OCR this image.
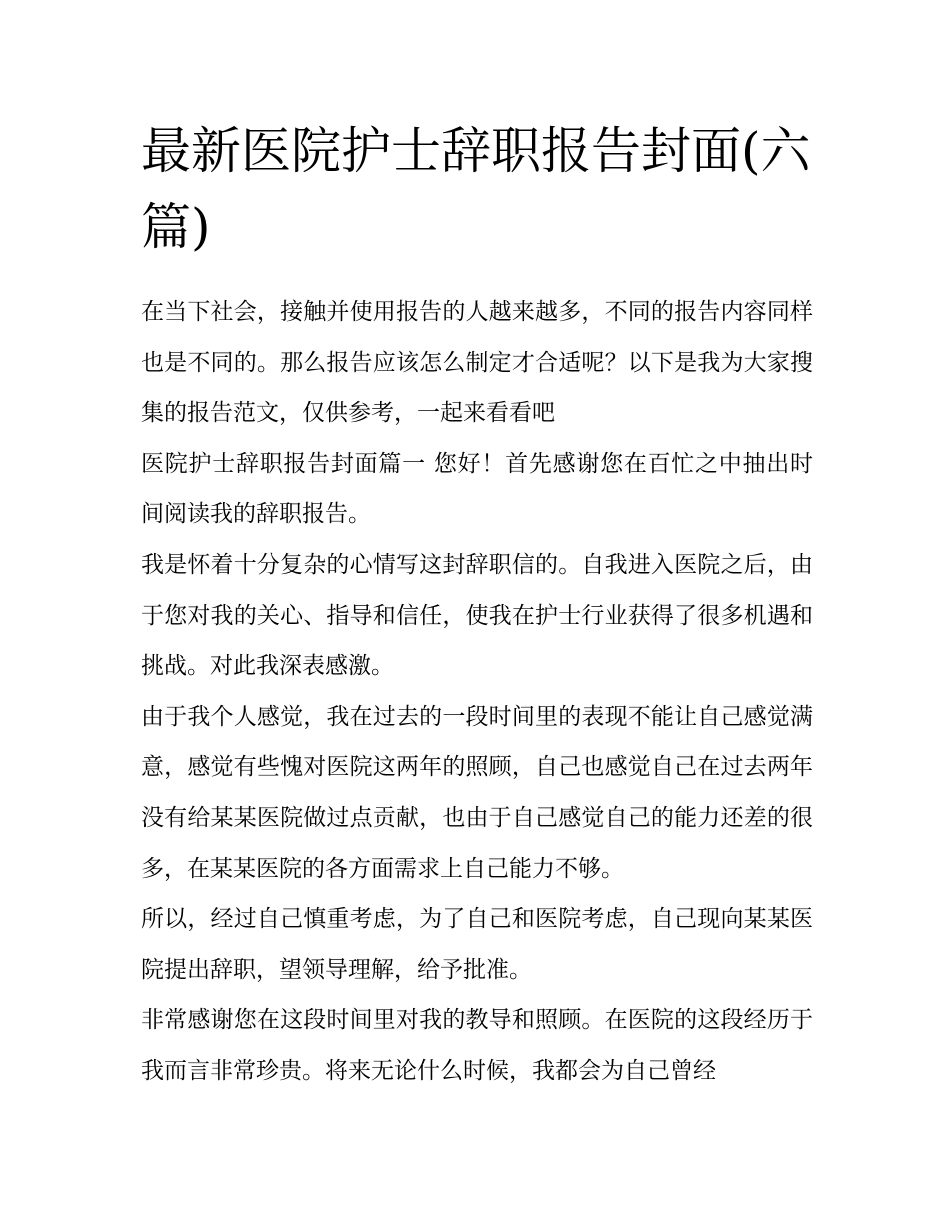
最新医院护士辞职报告封面(六篇)

在当下社会，接触并使用报告的人越来越多，不同的报告内容同样也是不同的。那么报告应该怎么制定才合适呢？以下是我为大家搜集的报告范文，仅供参考，一起来看看吧

医院护士辞职报告封面篇一 您好！首先感谢您在百忙之中抽出时间阅读我的辞职报告。

我是怀着十分复杂的心情写这封辞职信的。自我进入医院之后，由于您对我的关心、指导和信任，使我在护士行业获得了很多机遇和挑战。对此我深表感激。

由于我个人感觉，我在过去的一段时间里的表现不能让自己感觉满意，感觉有些愧对医院这两年的照顾，自己也感觉自己在过去两年没有给某某医院做过点贡献，也由于自己感觉自己的能力还差的很多，在某某医院的各方面需求上自己能力不够。

所以，经过自己慎重考虑，为了自己和医院考虑，自己现向某某医院提出辞职，望领导理解，给予批准。

非常感谢您在这段时间里对我的教导和照顾。在医院的这段经历于我而言非常珍贵。将来无论什么时候，我都会为自己曾经
